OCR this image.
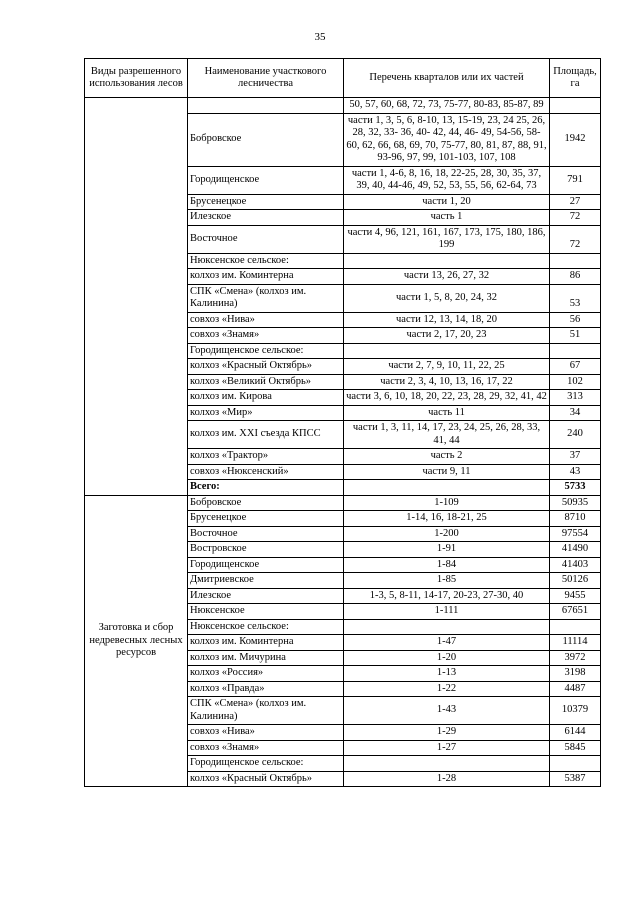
35
Виды разрешенного использования лесов	Наименование участкового лесничества	Перечень кварталов или их частей	Площадь, га
		50, 57, 60, 68, 72, 73, 75-77, 80-83, 85-87, 89	
	Бобровское	части 1, 3, 5, 6, 8-10, 13, 15-19, 23, 24 25, 26, 28, 32, 33- 36, 40- 42, 44, 46- 49, 54-56, 58-60, 62, 66, 68, 69, 70, 75-77, 80, 81, 87, 88, 91, 93-96, 97, 99, 101-103, 107, 108	1942
	Городищенское	части 1, 4-6, 8, 16, 18, 22-25, 28, 30, 35, 37, 39, 40, 44-46, 49, 52, 53, 55, 56, 62-64, 73	791
	Брусенецкое	части 1, 20	27
	Илезское	часть 1	72
	Восточное	части 4, 96, 121, 161, 167, 173, 175, 180, 186, 199	72
	Нюксенское сельское:		
	колхоз им. Коминтерна	части 13, 26, 27, 32	86
	СПК «Смена» (колхоз им. Калинина)	части 1, 5, 8, 20, 24, 32	53
	совхоз «Нива»	части 12, 13, 14, 18, 20	56
	совхоз «Знамя»	части 2, 17, 20, 23	51
	Городищенское сельское:		
	колхоз «Красный Октябрь»	части 2, 7, 9, 10, 11, 22, 25	67
	колхоз «Великий Октябрь»	части 2, 3, 4, 10, 13, 16, 17, 22	102
	колхоз им. Кирова	части 3, 6, 10, 18, 20, 22, 23, 28, 29, 32, 41, 42	313
	колхоз «Мир»	часть 11	34
	колхоз им. XXI съезда КПСС	части 1, 3, 11, 14, 17, 23, 24, 25, 26, 28, 33, 41, 44	240
	колхоз «Трактор»	часть 2	37
	совхоз «Нюксенский»	части 9, 11	43
	Всего:		5733
Заготовка и сбор недревесных лесных ресурсов	Бобровское	1-109	50935
	Брусенецкое	1-14, 16, 18-21, 25	8710
	Восточное	1-200	97554
	Востровское	1-91	41490
	Городищенское	1-84	41403
	Дмитриевское	1-85	50126
	Илезское	1-3, 5, 8-11, 14-17, 20-23, 27-30, 40	9455
	Нюксенское	1-111	67651
	Нюксенское сельское:		
	колхоз им. Коминтерна	1-47	11114
	колхоз им. Мичурина	1-20	3972
	колхоз «Россия»	1-13	3198
	колхоз «Правда»	1-22	4487
	СПК «Смена» (колхоз им. Калинина)	1-43	10379
	совхоз «Нива»	1-29	6144
	совхоз «Знамя»	1-27	5845
	Городищенское сельское:		
	колхоз «Красный Октябрь»	1-28	5387
